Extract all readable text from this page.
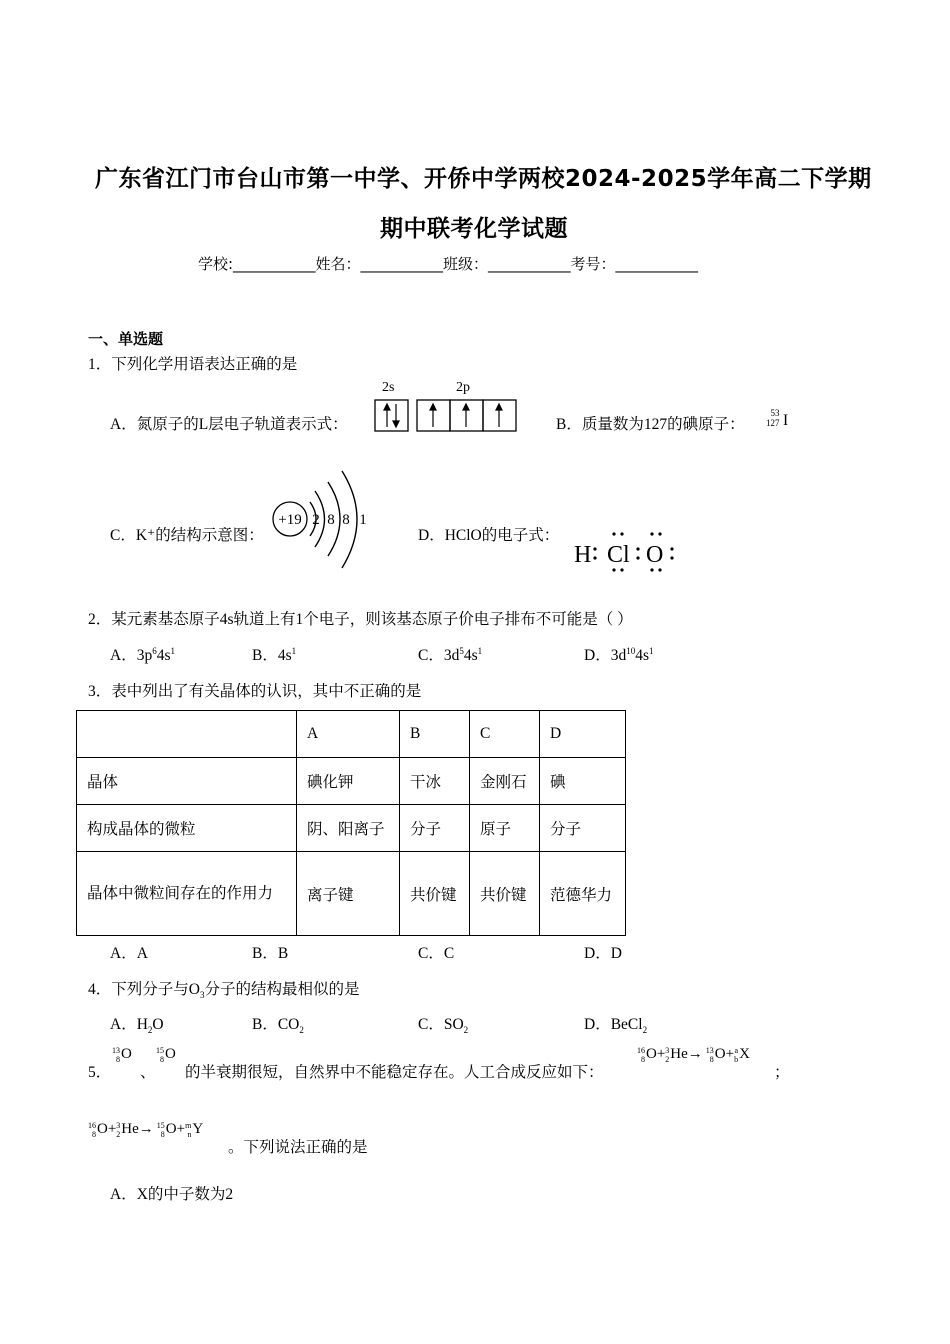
广东省江门市台山市第一中学、开侨中学两校2024-2025学年高二下学期
期中联考化学试题
学校:___________姓名：___________班级：___________考号：___________
一、单选题
1．下列化学用语表达正确的是
A．氮原子的L层电子轨道表示式：
2s	2p
B．质量数为127的碘原子：
53
127 I
C．K⁺的结构示意图：
+19 2 8 8 1
D．HClO的电子式：
H Cl O
2．某元素基态原子4s轨道上有1个电子，则该基态原子价电子排布不可能是（ ）
A．$3p^64s^1$	B．$4s^1$	C．$3d^54s^1$	D．$3d^{10}4s^1$
3．表中列出了有关晶体的认识，其中不正确的是
	A	B	C	D
晶体	碘化钾	干冰	金刚石	碘
构成晶体的微粒	阴、阳离子	分子	原子	分子
晶体中微粒间存在的作用力	离子键	共价键	共价键	范德华力
A．A	B．B	C．C	D．D
4．下列分子与$O_3$分子的结构最相似的是
A．$H_2O$	B．$CO_2$	C．$SO_2$	D．BeCl$_2$
5．
13
8O
、
15
8O
的半衰期很短，自然界中不能稳定存在。人工合成反应如下：
16
8O+3
2He→ 13
8O+a
bX
；
16
8O+3
2He→ 15
8O+m
nY
。下列说法正确的是
A．X的中子数为2
